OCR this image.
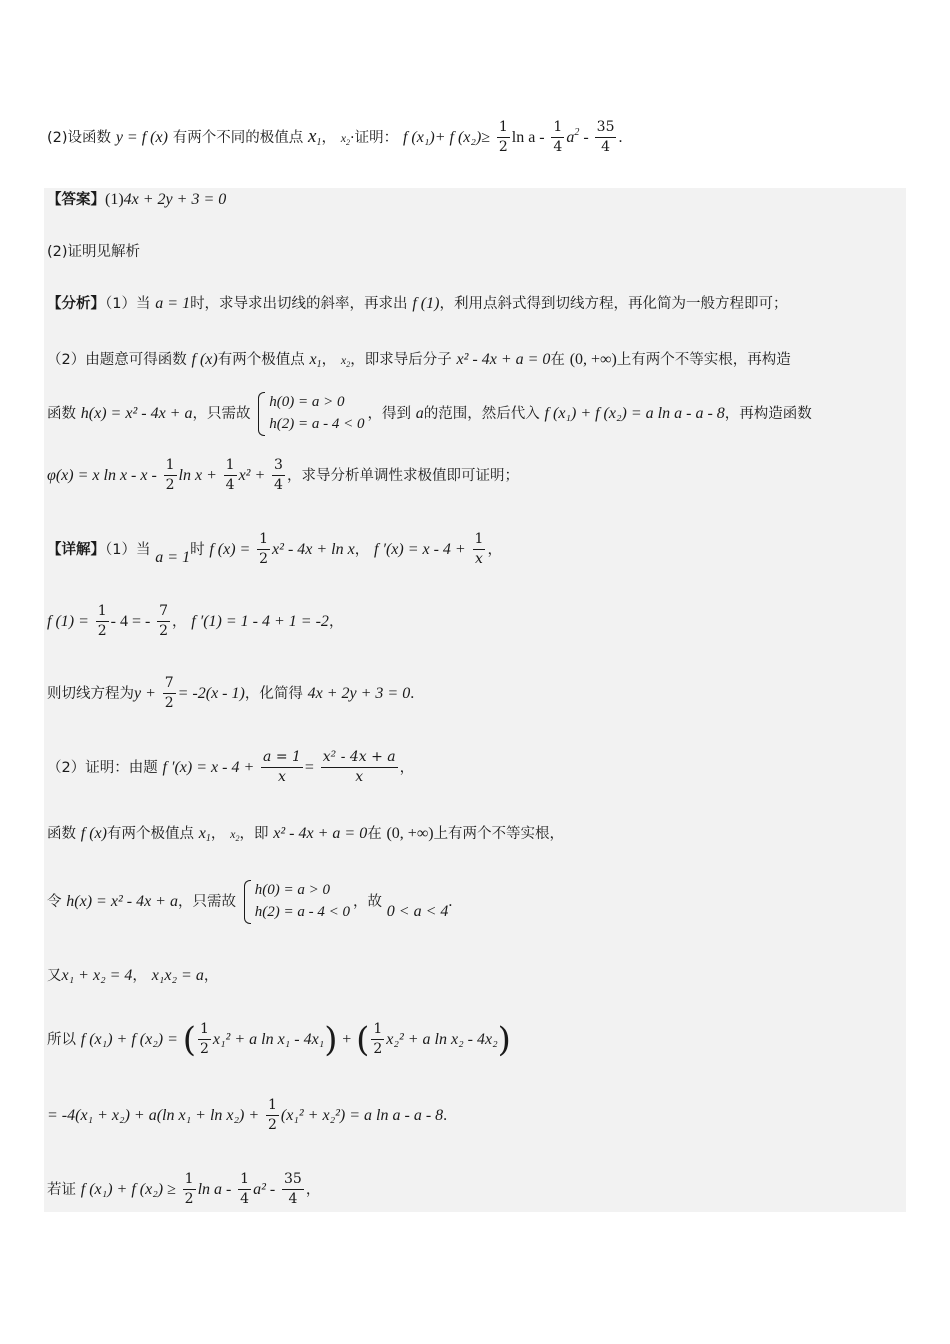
(2)设函数 y = f (x) 有两个不同的极值点 $x_1$， $x_2\cdot$证明： f (x₁)+ f $(x_2)\ge \frac{1}{2}$ ln a - $\frac{1}{4} a^2 - \frac{35}{4}$ .
【答案】(1)4x + 2y + 3 = 0
(2)证明见解析
【分析】（1）当 a = 1时，求导求出切线的斜率，再求出 f (1)，利用点斜式得到切线方程，再化简为一般方程即可；
（2）由题意可得函数 f (x)有两个极值点 $x_1$， $x_2$，即求导后分子 x² - 4x + a = 0在 (0, +∞)上有两个不等实根，再构造
函数 h(x) = x² - 4x + a，只需故
h(0) = a > 0
h(2) = a - 4 < 0
，得到 a的范围，然后代入 f (x₁) + f (x₂) = a ln a - a - 8，再构造函数
φ(x) = x ln x - x - $\frac{1}{2}$ $\ln x + \frac{1}{4} x^2 + \frac{3}{4}$ ，求导分析单调性求极值即可证明；
【详解】（1）当 a = 1时 f $(x) = \frac{1}{2} x^2 - 4x + \ln x$， f $'(x) = x - 4 + \frac{1}{x}$ ，
f $(1) = \frac{1}{2} - 4$ = - $\frac{7}{2}$ ， f ′(1) = 1 - 4 + 1 = -2，
则切线方程为$y + \frac{7}{2} = -2(x - 1)$，化简得 4x + 2y + 3 = 0.
（2）证明：由题 f $'(x) = x - 4 + \frac{a = 1}{x} = \frac{\text{x² - 4x + a}}{x}$ ，
函数 f (x)有两个极值点 $x_1$， $x_2$，即 x² - 4x + a = 0在 (0, +∞)上有两个不等实根，
令 h(x) = x² - 4x + a，只需故
h(0) = a > 0
h(2) = a - 4 < 0
，故 0 < a < 4.
又x₁ + x₂ = 4， x₁x₂ = a，
所以 f (x₁) + f (x₂) = ( $\frac{1}{2} x_1^2 + a$ ln x₁ - 4x₁) + ( $\frac{1}{2} x_2^2 + a$ ln x₂ - 4x₂)
= -4(x₁ + x₂) + a(ln $x_1 + \ln x_2) + \frac{1}{2} (x_1^2 + x_2^2) = a$ ln a - a - 8.
若证 f (x₁) + f $(x_2) \ge \frac{1}{2}$ ln a - $\frac{1}{4} a^2 - \frac{35}{4}$ ，
